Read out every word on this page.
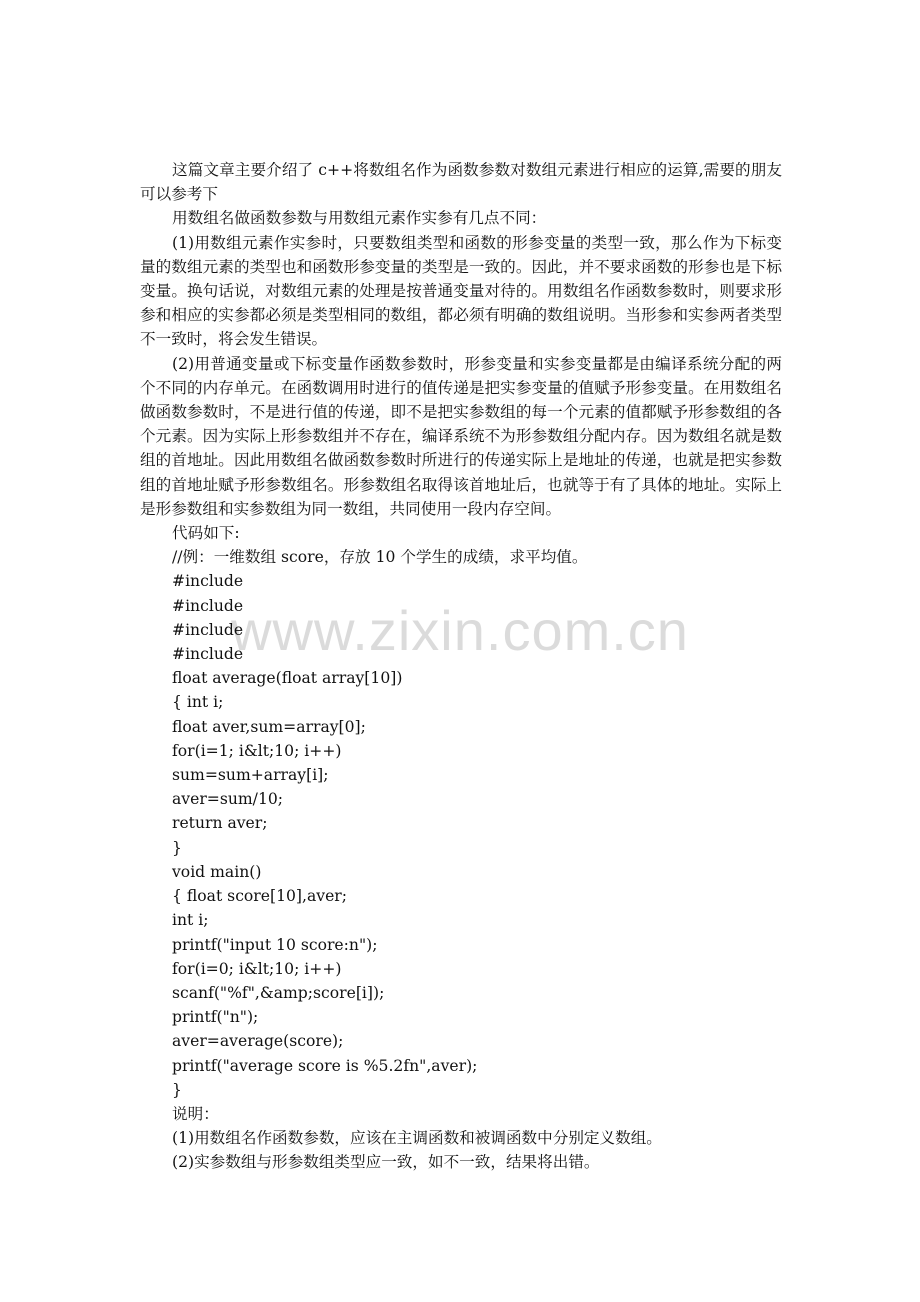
www.zixin.com.cn

这篇文章主要介绍了 c++将数组名作为函数参数对数组元素进行相应的运算,需要的朋友可以参考下

用数组名做函数参数与用数组元素作实参有几点不同：

(1)用数组元素作实参时，只要数组类型和函数的形参变量的类型一致，那么作为下标变量的数组元素的类型也和函数形参变量的类型是一致的。因此，并不要求函数的形参也是下标变量。换句话说，对数组元素的处理是按普通变量对待的。用数组名作函数参数时，则要求形参和相应的实参都必须是类型相同的数组，都必须有明确的数组说明。当形参和实参两者类型不一致时，将会发生错误。

(2)用普通变量或下标变量作函数参数时，形参变量和实参变量都是由编译系统分配的两个不同的内存单元。在函数调用时进行的值传递是把实参变量的值赋予形参变量。在用数组名做函数参数时，不是进行值的传递，即不是把实参数组的每一个元素的值都赋予形参数组的各个元素。因为实际上形参数组并不存在，编译系统不为形参数组分配内存。因为数组名就是数组的首地址。因此用数组名做函数参数时所进行的传递实际上是地址的传递，也就是把实参数组的首地址赋予形参数组名。形参数组名取得该首地址后，也就等于有了具体的地址。实际上是形参数组和实参数组为同一数组，共同使用一段内存空间。

代码如下:
//例：一维数组 score，存放 10 个学生的成绩，求平均值。
#include
#include
#include
#include
float average(float array[10])
{ int i;
float aver,sum=array[0];
for(i=1; i&lt;10; i++)
sum=sum+array[i];
aver=sum/10;
return aver;
}
void main()
{ float score[10],aver;
int i;
printf("input 10 score:n");
for(i=0; i&lt;10; i++)
scanf("%f",&amp;score[i]);
printf("n");
aver=average(score);
printf("average score is %5.2fn",aver);
}
说明：
(1)用数组名作函数参数，应该在主调函数和被调函数中分别定义数组。
(2)实参数组与形参数组类型应一致，如不一致，结果将出错。
